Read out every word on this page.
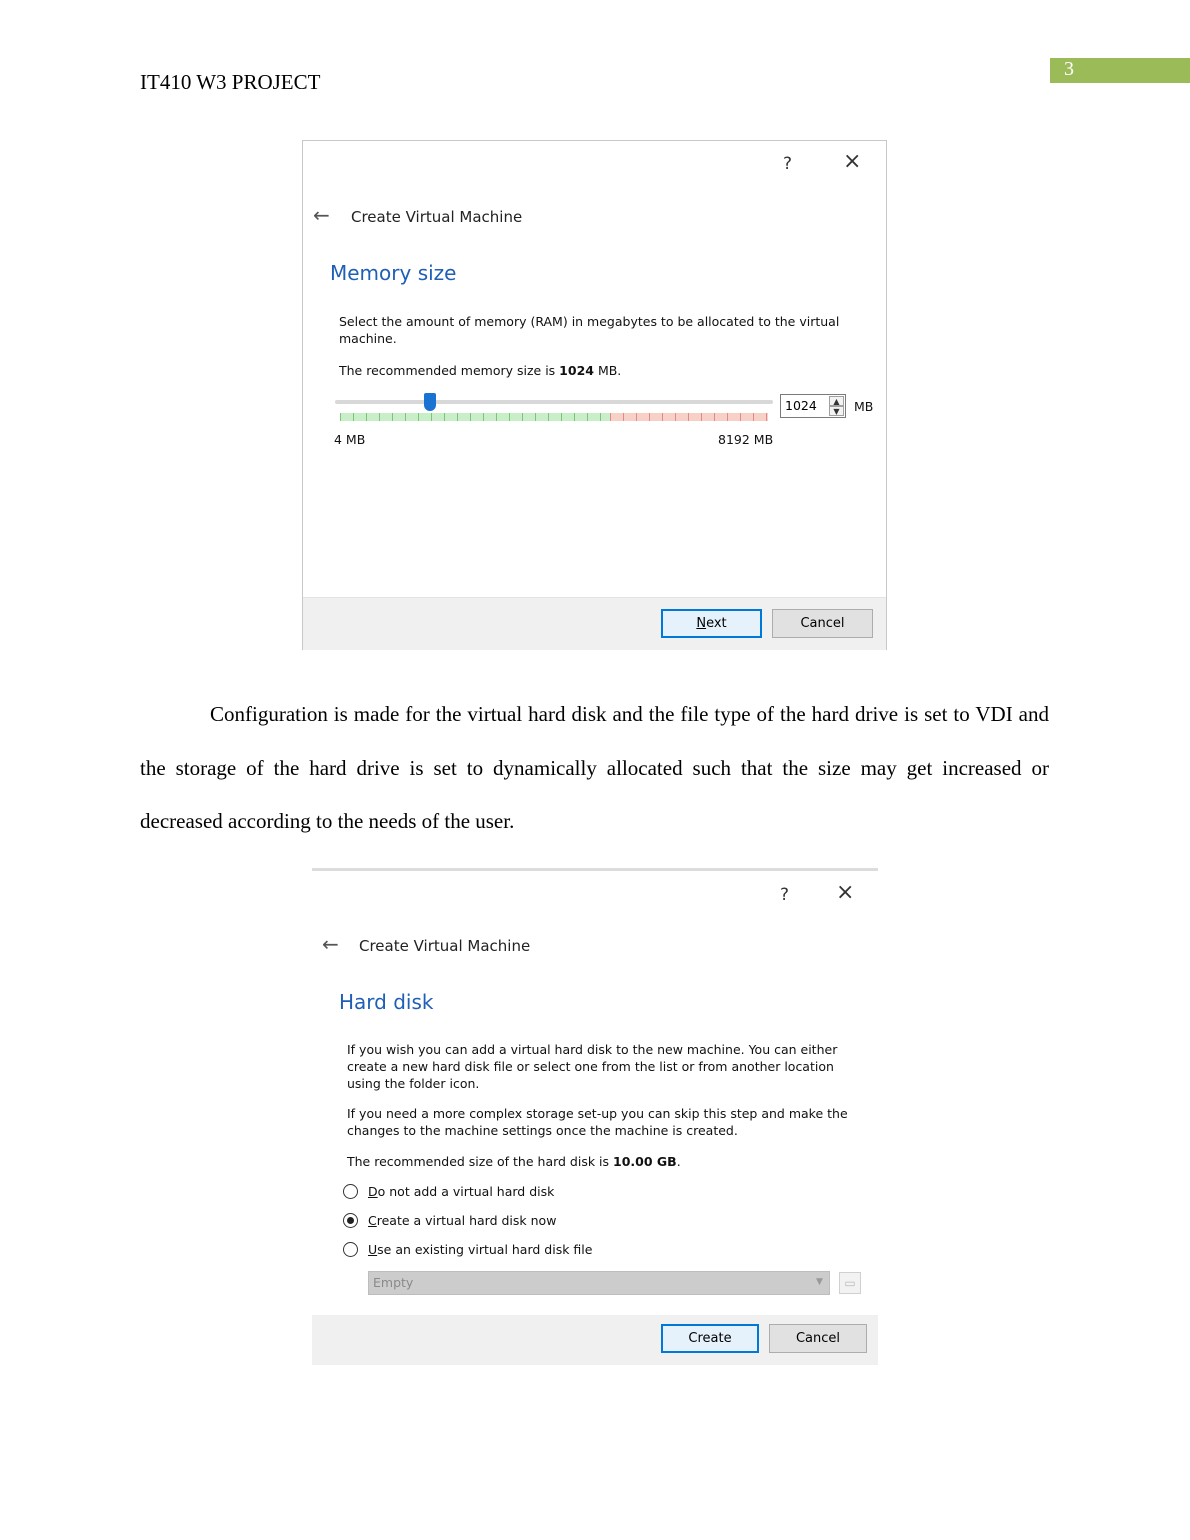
IT410 W3 PROJECT
3
? ×
← Create Virtual Machine
Memory size
Select the amount of memory (RAM) in megabytes to be allocated to the virtual machine.
The recommended memory size is 1024 MB.
4 MB	8192 MB
1024	▲
▼	MB
Next	Cancel
Configuration is made for the virtual hard disk and the file type of the hard drive is set to VDI and the storage of the hard drive is set to dynamically allocated such that the size may get increased or decreased according to the needs of the user.
? ×
← Create Virtual Machine
Hard disk
If you wish you can add a virtual hard disk to the new machine. You can either create a new hard disk file or select one from the list or from another location using the folder icon.
If you need a more complex storage set-up you can skip this step and make the changes to the machine settings once the machine is created.
The recommended size of the hard disk is 10.00 GB.
Do not add a virtual hard disk
Create a virtual hard disk now
Use an existing virtual hard disk file
Empty	▼	▭
Create	Cancel
